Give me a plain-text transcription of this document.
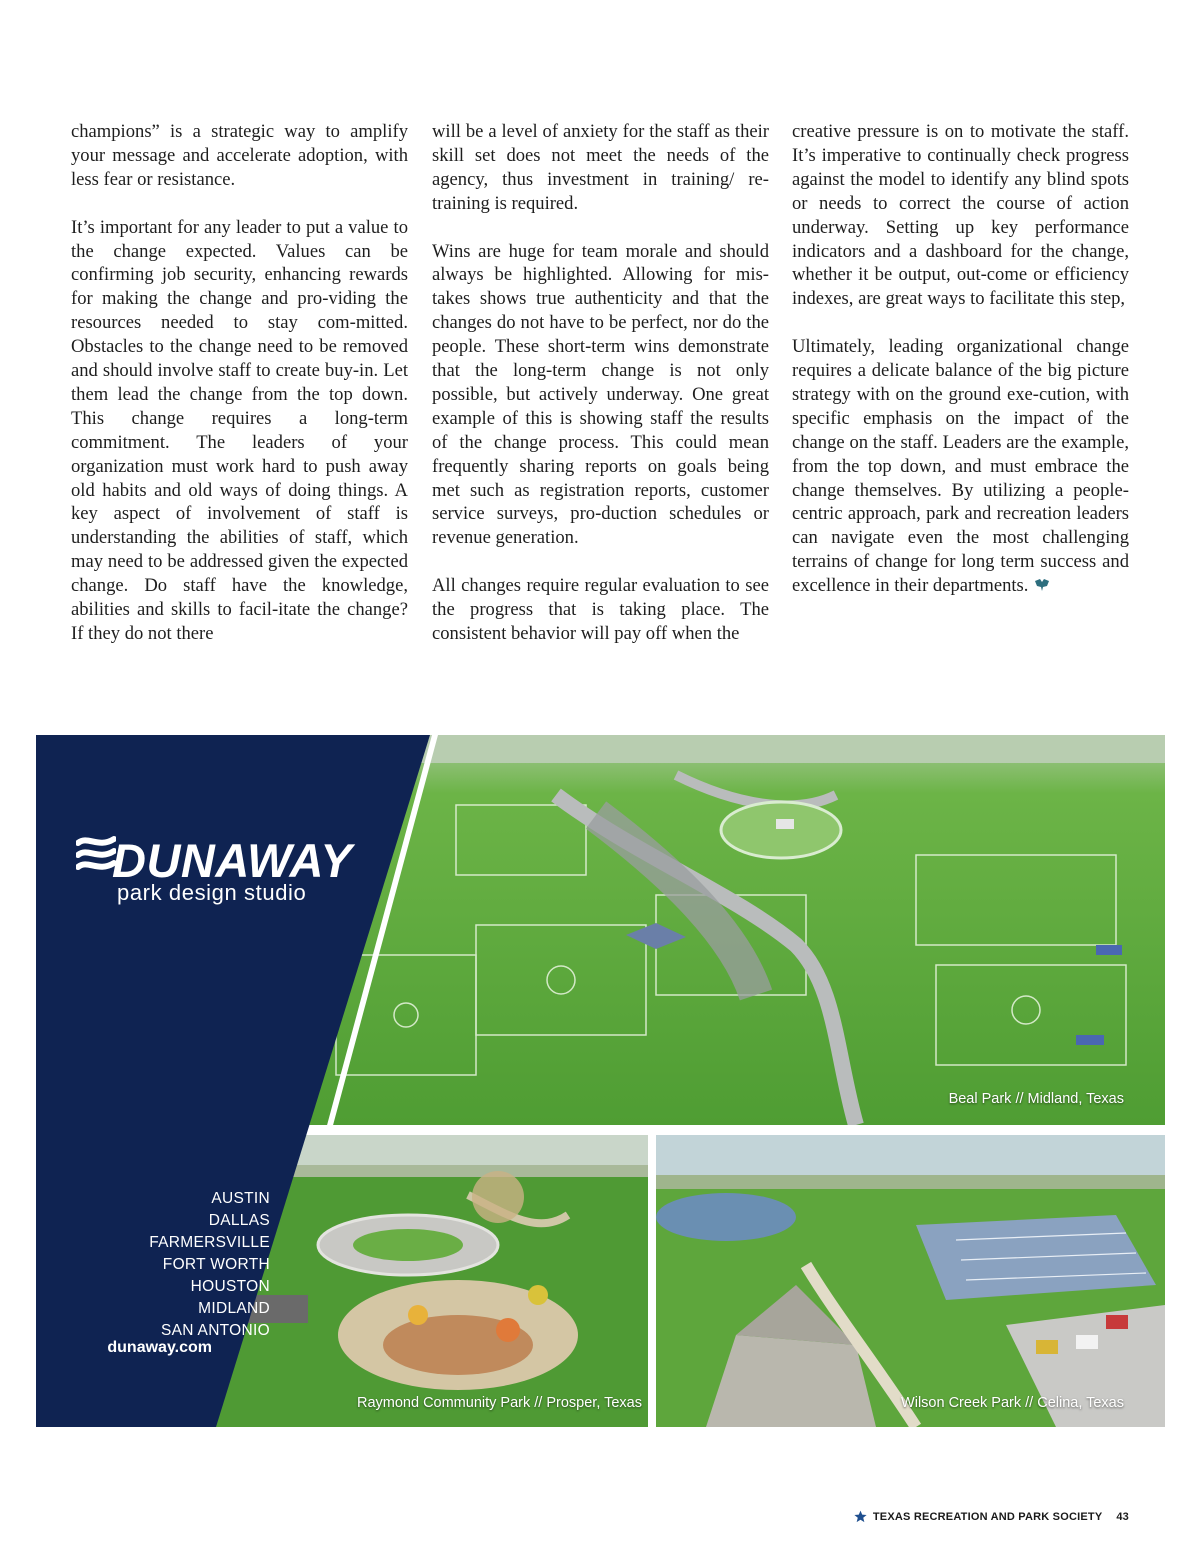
champions” is a strategic way to amplify your message and accelerate adoption, with less fear or resistance.

It’s important for any leader to put a value to the change expected. Values can be confirming job security, enhancing rewards for making the change and pro-viding the resources needed to stay com-mitted. Obstacles to the change need to be removed and should involve staff to create buy-in. Let them lead the change from the top down. This change requires a long-term commitment. The leaders of your organization must work hard to push away old habits and old ways of doing things. A key aspect of involvement of staff is understanding the abilities of staff, which may need to be addressed given the expected change. Do staff have the knowledge, abilities and skills to facil-itate the change? If they do not there

will be a level of anxiety for the staff as their skill set does not meet the needs of the agency, thus investment in training/ re-training is required.

Wins are huge for team morale and should always be highlighted. Allowing for mis-takes shows true authenticity and that the changes do not have to be perfect, nor do the people. These short-term wins demonstrate that the long-term change is not only possible, but actively underway. One great example of this is showing staff the results of the change process. This could mean frequently sharing reports on goals being met such as registration reports, customer service surveys, pro-duction schedules or revenue generation.

All changes require regular evaluation to see the progress that is taking place. The consistent behavior will pay off when the

creative pressure is on to motivate the staff. It’s imperative to continually check progress against the model to identify any blind spots or needs to correct the course of action underway. Setting up key performance indicators and a dashboard for the change, whether it be output, out-come or efficiency indexes, are great ways to facilitate this step,

Ultimately, leading organizational change requires a delicate balance of the big picture strategy with on the ground exe-cution, with specific emphasis on the impact of the change on the staff. Leaders are the example, from the top down, and must embrace the change themselves. By utilizing a people-centric approach, park and recreation leaders can navigate even the most challenging terrains of change for long term success and excellence in their departments.

Beal Park // Midland, Texas
Raymond Community Park // Prosper, Texas	Wilson Creek Park // Celina, Texas
DUNAWAY
park design studio
AUSTIN
DALLAS
FARMERSVILLE
FORT WORTH
HOUSTON
MIDLAND
SAN ANTONIO
dunaway.com
TEXAS RECREATION AND PARK SOCIETY 43
